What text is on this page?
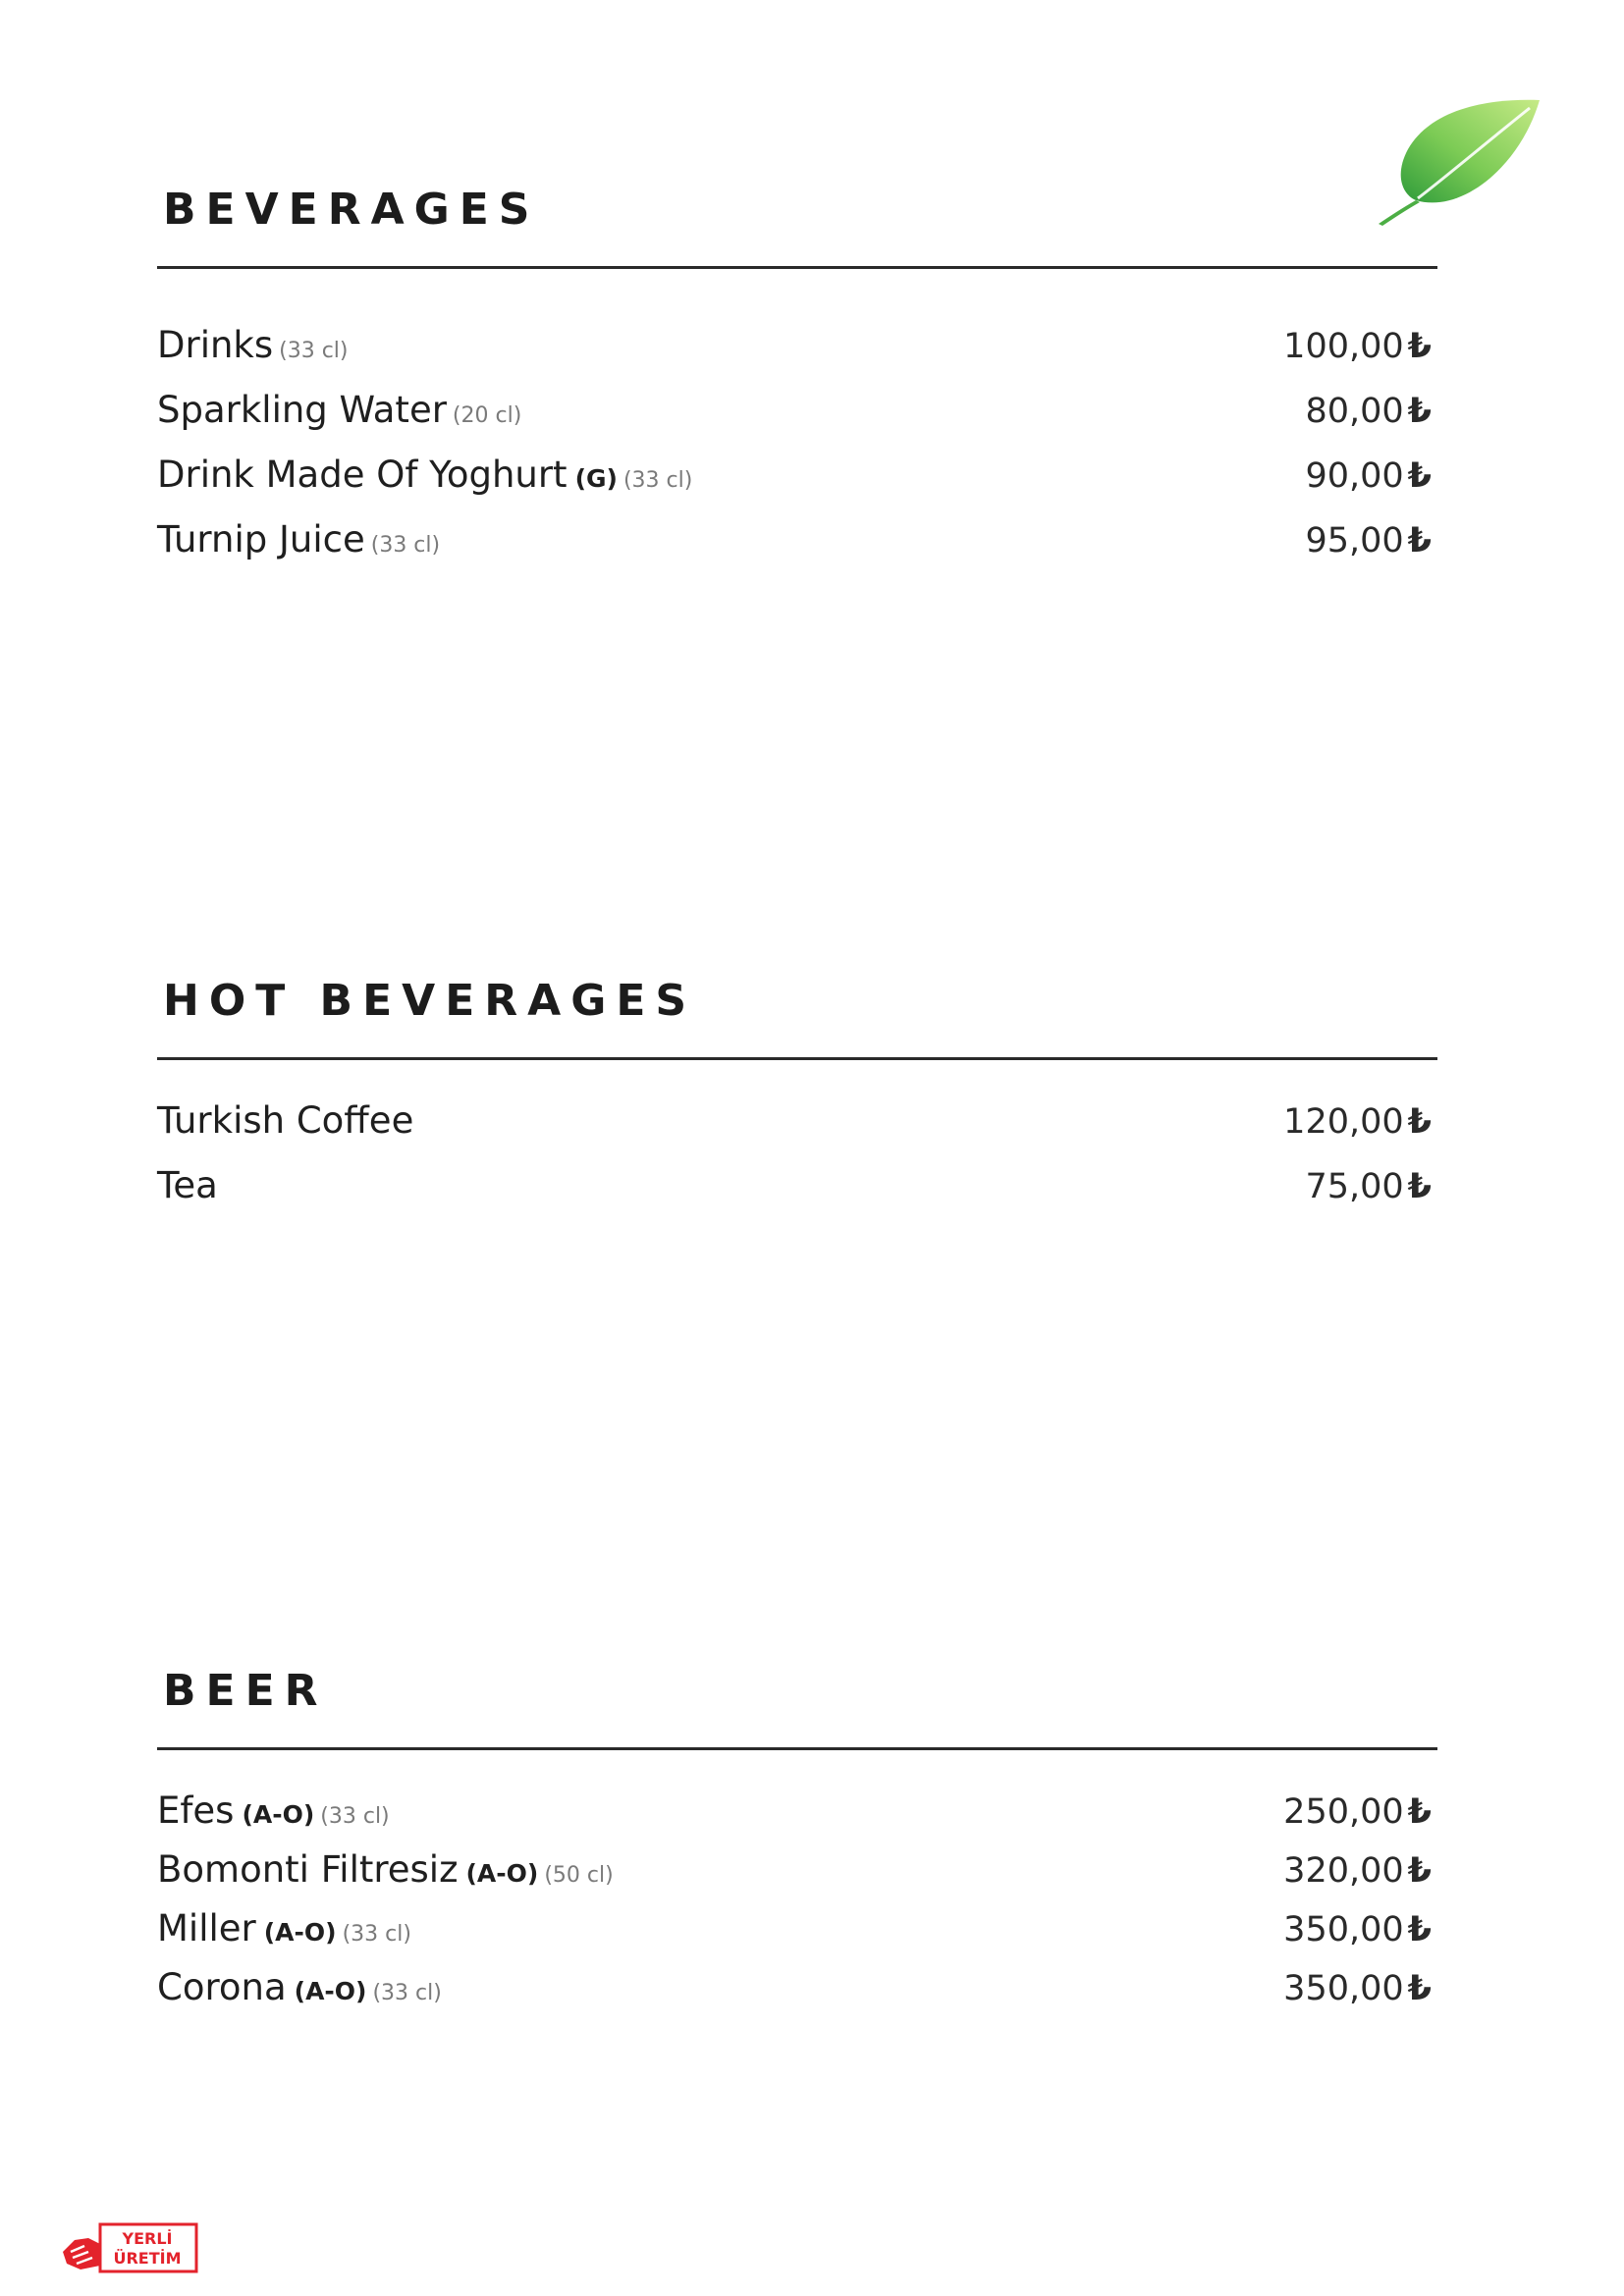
BEVERAGES
Drinks (33 cl)	100,00 ₺
Sparkling Water (20 cl)	80,00 ₺
Drink Made Of Yoghurt (G) (33 cl)	90,00 ₺
Turnip Juice (33 cl)	95,00 ₺
HOT BEVERAGES
Turkish Coffee	120,00 ₺
Tea	75,00 ₺
BEER
Efes (A-O) (33 cl)	250,00 ₺
Bomonti Filtresiz (A-O) (50 cl)	320,00 ₺
Miller (A-O) (33 cl)	350,00 ₺
Corona (A-O) (33 cl)	350,00 ₺
YERLİ
ÜRETİM
